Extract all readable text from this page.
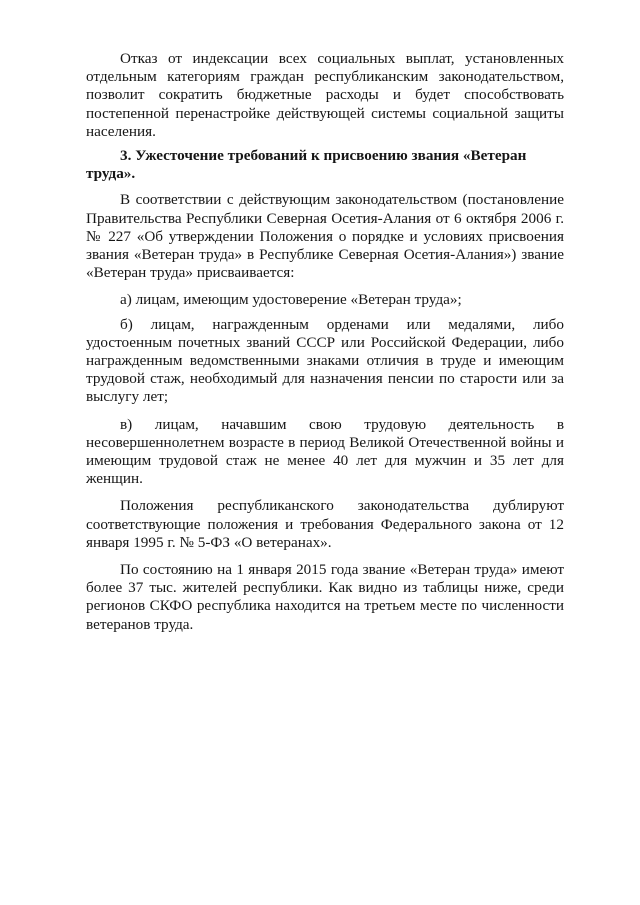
Отказ от индексации всех социальных выплат, установленных отдельным категориям граждан республиканским законодательством, позволит сократить бюджетные расходы и будет способствовать постепенной перенастройке действующей системы социальной защиты населения.

3. Ужесточение требований к присвоению звания «Ветеран труда».

В соответствии с действующим законодательством (постановление Правительства Республики Северная Осетия-Алания от 6 октября 2006 г. № 227 «Об утверждении Положения о порядке и условиях присвоения звания «Ветеран труда» в Республике Северная Осетия-Алания») звание «Ветеран труда» присваивается:

а) лицам, имеющим удостоверение «Ветеран труда»;

б) лицам, награжденным орденами или медалями, либо удостоенным почетных званий СССР или Российской Федерации, либо награжденным ведомственными знаками отличия в труде и имеющим трудовой стаж, необходимый для назначения пенсии по старости или за выслугу лет;

в) лицам, начавшим свою трудовую деятельность в несовершеннолетнем возрасте в период Великой Отечественной войны и имеющим трудовой стаж не менее 40 лет для мужчин и 35 лет для женщин.

Положения республиканского законодательства дублируют соответствующие положения и требования Федерального закона от 12 января 1995 г. № 5-ФЗ «О ветеранах».

По состоянию на 1 января 2015 года звание «Ветеран труда» имеют более 37 тыс. жителей республики. Как видно из таблицы ниже, среди регионов СКФО республика находится на третьем месте по численности ветеранов труда.
